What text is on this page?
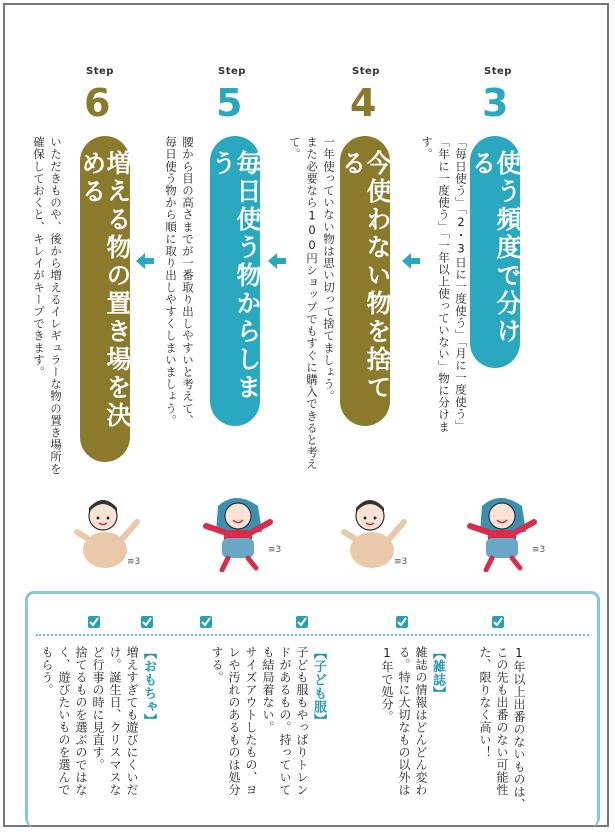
Step
3
使う頻度で分ける
「毎日使う」「2・3日に一度使う」「月に一度使う」
「年に一度使う」「一年以上使っていない」物に分けます。
Step
4
今使わない物を捨てる
一年使っていない物は思い切って捨てましょう。
また必要なら100円ショップでもすぐに購入できると考えて。
Step
5
毎日使う物からしまう
腰から目の高さまでが一番取り出しやすいと考えて、
毎日使う物から順に取り出しやすくしまいましょう。
Step
6
増える物の置き場を決める
いただきものや、後から増えるイレギュラーな物の置き場所を
確保しておくと、キレイがキープできます。
≡3
≡3
≡3
≡3
1年以上出番のないものは、
この先も出番のない可能性
た、限りなく高い！
【雑誌】
雑誌の情報はどんどん変わ
る。特に大切なもの以外は
1年で処分。
【子ども服】
子ども服もやっぱりトレン
ドがあるもの。持っていて
も結局着ない。
サイズアウトしたもの、ヨ
レや汚れのあるものは処分
する。
【おもちゃ】
増えすぎても遊びにくいだ
け。誕生日、クリスマスな
ど行事の時に見直す。
捨てるものを選ぶのではな
く、遊びたいものを選んで
もらう。
